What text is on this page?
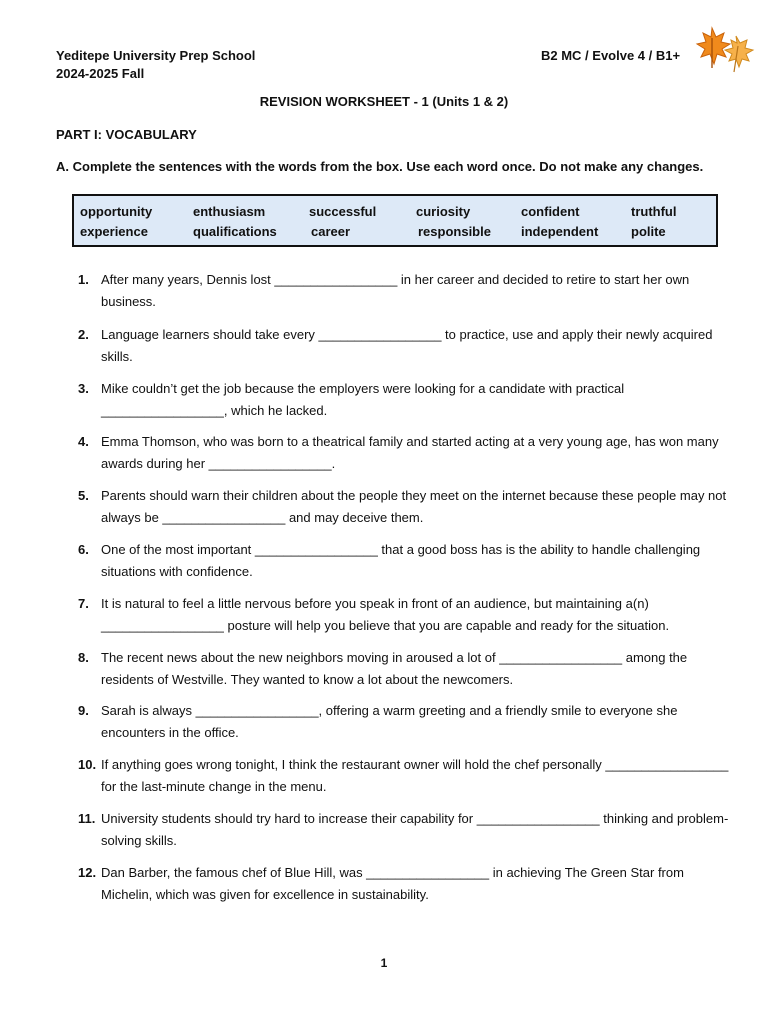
Yeditepe University Prep School
2024-2025 Fall
B2 MC / Evolve 4 / B1+
REVISION WORKSHEET - 1 (Units 1 & 2)
PART I: VOCABULARY
A. Complete the sentences with the words from the box. Use each word once. Do not make any changes.
opportunity	enthusiasm	successful	curiosity	confident	truthful
experience	qualifications	career	responsible independent	polite
1. After many years, Dennis lost _________________ in her career and decided to retire to start her own business.
2. Language learners should take every _________________ to practice, use and apply their newly acquired skills.
3. Mike couldn’t get the job because the employers were looking for a candidate with practical _________________, which he lacked.
4. Emma Thomson, who was born to a theatrical family and started acting at a very young age, has won many awards during her _________________.
5. Parents should warn their children about the people they meet on the internet because these people may not always be _________________ and may deceive them.
6. One of the most important _________________ that a good boss has is the ability to handle challenging situations with confidence.
7. It is natural to feel a little nervous before you speak in front of an audience, but maintaining a(n) _________________ posture will help you believe that you are capable and ready for the situation.
8. The recent news about the new neighbors moving in aroused a lot of _________________ among the residents of Westville. They wanted to know a lot about the newcomers.
9. Sarah is always _________________, offering a warm greeting and a friendly smile to everyone she encounters in the office.
10. If anything goes wrong tonight, I think the restaurant owner will hold the chef personally _________________ for the last-minute change in the menu.
11. University students should try hard to increase their capability for _________________ thinking and problem-solving skills.
12. Dan Barber, the famous chef of Blue Hill, was _________________ in achieving The Green Star from Michelin, which was given for excellence in sustainability.
1
